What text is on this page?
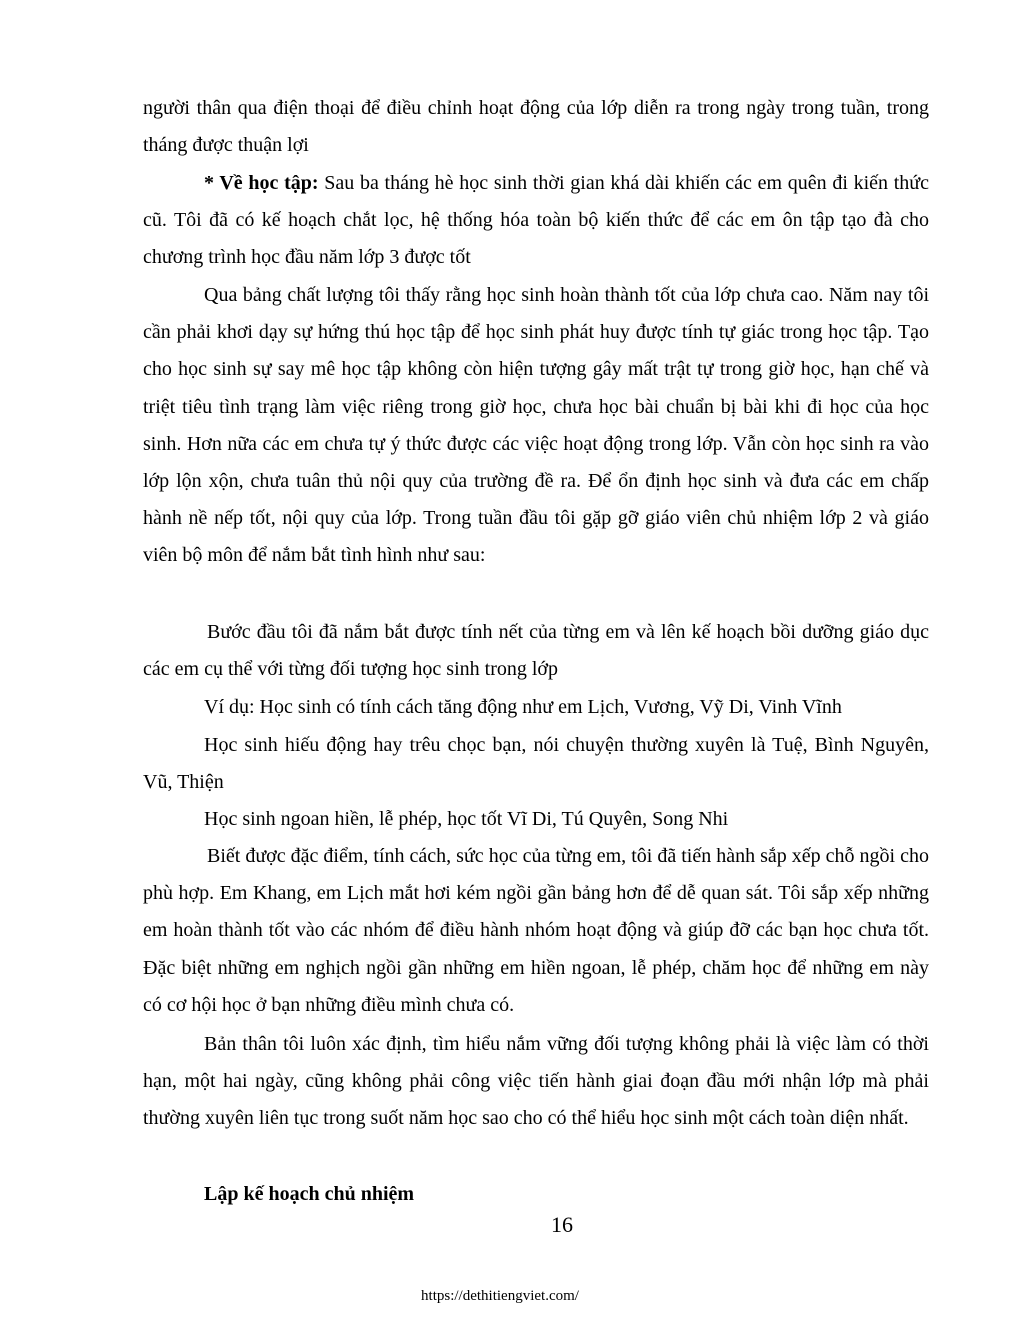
người thân qua điện thoại để điều chỉnh hoạt động của lớp diễn ra trong ngày trong tuần, trong tháng được thuận lợi

* Về học tập: Sau ba tháng hè học sinh thời gian khá dài khiến các em quên đi kiến thức cũ. Tôi đã có kế hoạch chắt lọc, hệ thống hóa toàn bộ kiến thức để các em ôn tập tạo đà cho chương trình học đầu năm lớp 3 được tốt

Qua bảng chất lượng tôi thấy rằng học sinh hoàn thành tốt của lớp chưa cao. Năm nay tôi cần phải khơi dạy sự hứng thú học tập để học sinh phát huy được tính tự giác trong học tập. Tạo cho học sinh sự say mê học tập không còn hiện tượng gây mất trật tự trong giờ học, hạn chế và triệt tiêu tình trạng làm việc riêng trong giờ học, chưa học bài chuẩn bị bài khi đi học của học sinh. Hơn nữa các em chưa tự ý thức được các việc hoạt động trong lớp. Vẫn còn học sinh ra vào lớp lộn xộn, chưa tuân thủ nội quy của trường đề ra. Để ổn định học sinh và đưa các em chấp hành nề nếp tốt, nội quy của lớp. Trong tuần đầu tôi gặp gỡ giáo viên chủ nhiệm lớp 2 và giáo viên bộ môn để nắm bắt tình hình như sau:

Bước đầu tôi đã nắm bắt được tính nết của từng em và lên kế hoạch bồi dưỡng giáo dục các em cụ thể với từng đối tượng học sinh trong lớp

Ví dụ: Học sinh có tính cách tăng động như em Lịch, Vương, Vỹ Di, Vinh Vĩnh

Học sinh hiếu động hay trêu chọc bạn, nói chuyện thường xuyên là Tuệ, Bình Nguyên, Vũ, Thiện

Học sinh ngoan hiền, lễ phép, học tốt Vĩ Di, Tú Quyên, Song Nhi

Biết được đặc điểm, tính cách, sức học của từng em, tôi đã tiến hành sắp xếp chỗ ngồi cho phù hợp. Em Khang, em Lịch mắt hơi kém ngồi gần bảng hơn để dễ quan sát. Tôi sắp xếp những em hoàn thành tốt vào các nhóm để điều hành nhóm hoạt động và giúp đỡ các bạn học chưa tốt. Đặc biệt những em nghịch ngồi gần những em hiền ngoan, lễ phép, chăm học để những em này có cơ hội học ở bạn những điều mình chưa có.

Bản thân tôi luôn xác định, tìm hiểu nắm vững đối tượng không phải là việc làm có thời hạn, một hai ngày, cũng không phải công việc tiến hành giai đoạn đầu mới nhận lớp mà phải thường xuyên liên tục trong suốt năm học sao cho có thể hiểu học sinh một cách toàn diện nhất.

Lập kế hoạch chủ nhiệm

16
https://dethitiengviet.com/
